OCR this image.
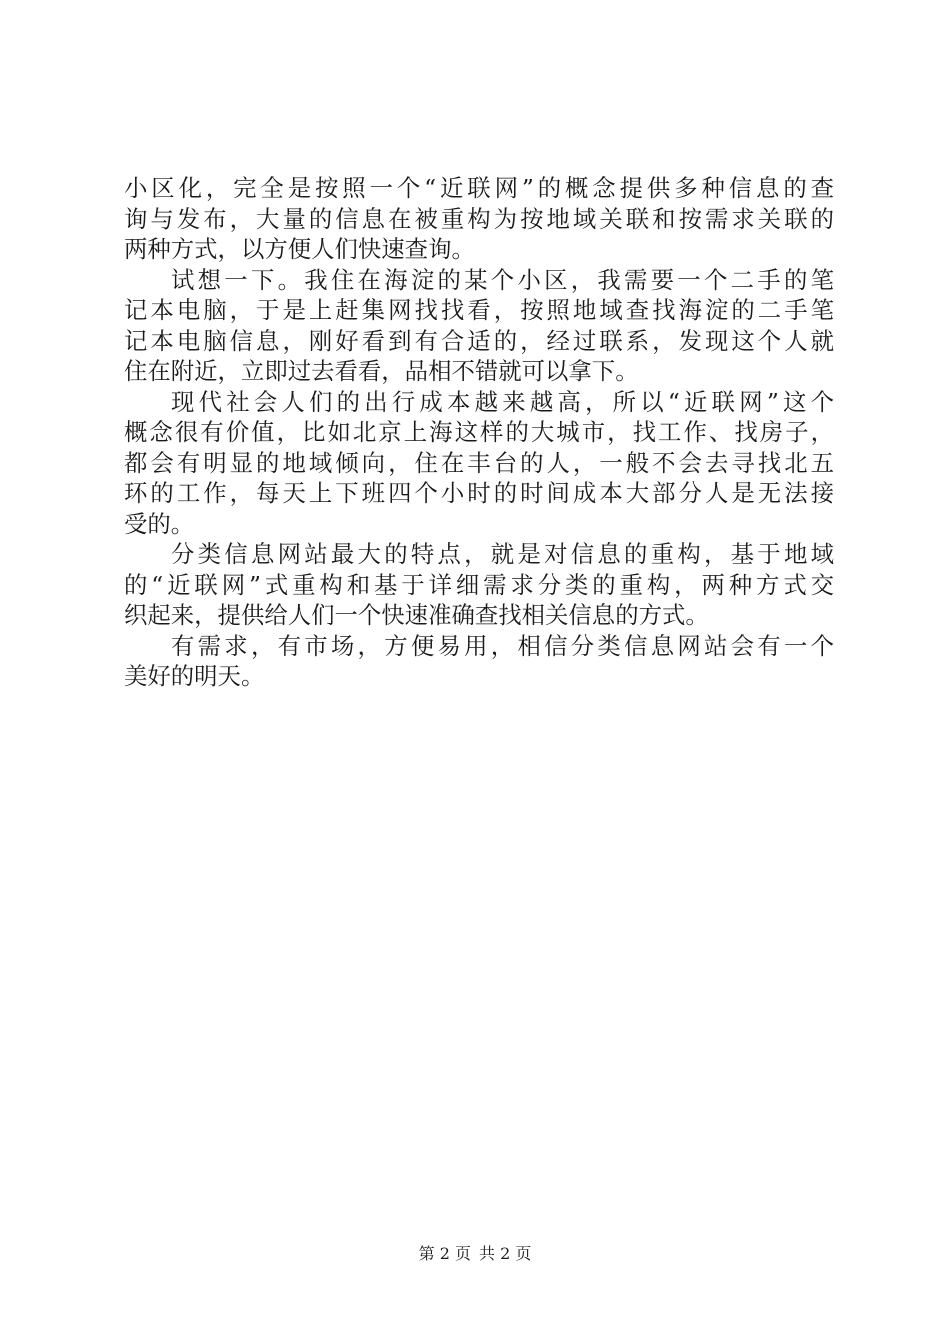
小区化，完全是按照一个“近联网”的概念提供多种信息的查
询与发布，大量的信息在被重构为按地域关联和按需求关联的
两种方式，以方便人们快速查询。
试想一下。我住在海淀的某个小区，我需要一个二手的笔
记本电脑，于是上赶集网找找看，按照地域查找海淀的二手笔
记本电脑信息，刚好看到有合适的，经过联系，发现这个人就
住在附近，立即过去看看，品相不错就可以拿下。
现代社会人们的出行成本越来越高，所以“近联网”这个
概念很有价值，比如北京上海这样的大城市，找工作、找房子，
都会有明显的地域倾向，住在丰台的人，一般不会去寻找北五
环的工作，每天上下班四个小时的时间成本大部分人是无法接
受的。
分类信息网站最大的特点，就是对信息的重构，基于地域
的“近联网”式重构和基于详细需求分类的重构，两种方式交
织起来，提供给人们一个快速准确查找相关信息的方式。
有需求，有市场，方便易用，相信分类信息网站会有一个
美好的明天。
第 2 页 共 2 页
